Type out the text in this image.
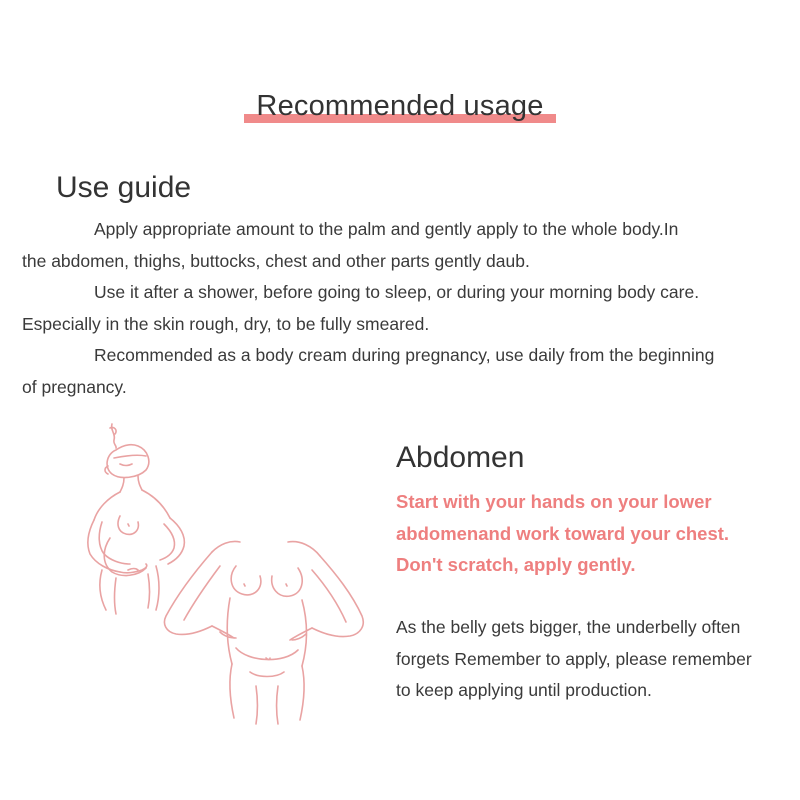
Recommended usage
Use guide

Apply appropriate amount to the palm and gently apply to the whole body.In
the abdomen, thighs, buttocks, chest and other parts gently daub.

Use it after a shower, before going to sleep, or during your morning body care.
Especially in the skin rough, dry, to be fully smeared.

Recommended as a body cream during pregnancy, use daily from the beginning
of pregnancy.

Abdomen
Start with your hands on your lower
abdomenand work toward your chest.
Don't scratch, apply gently.
As the belly gets bigger, the underbelly often
forgets Remember to apply, please remember
to keep applying until production.
